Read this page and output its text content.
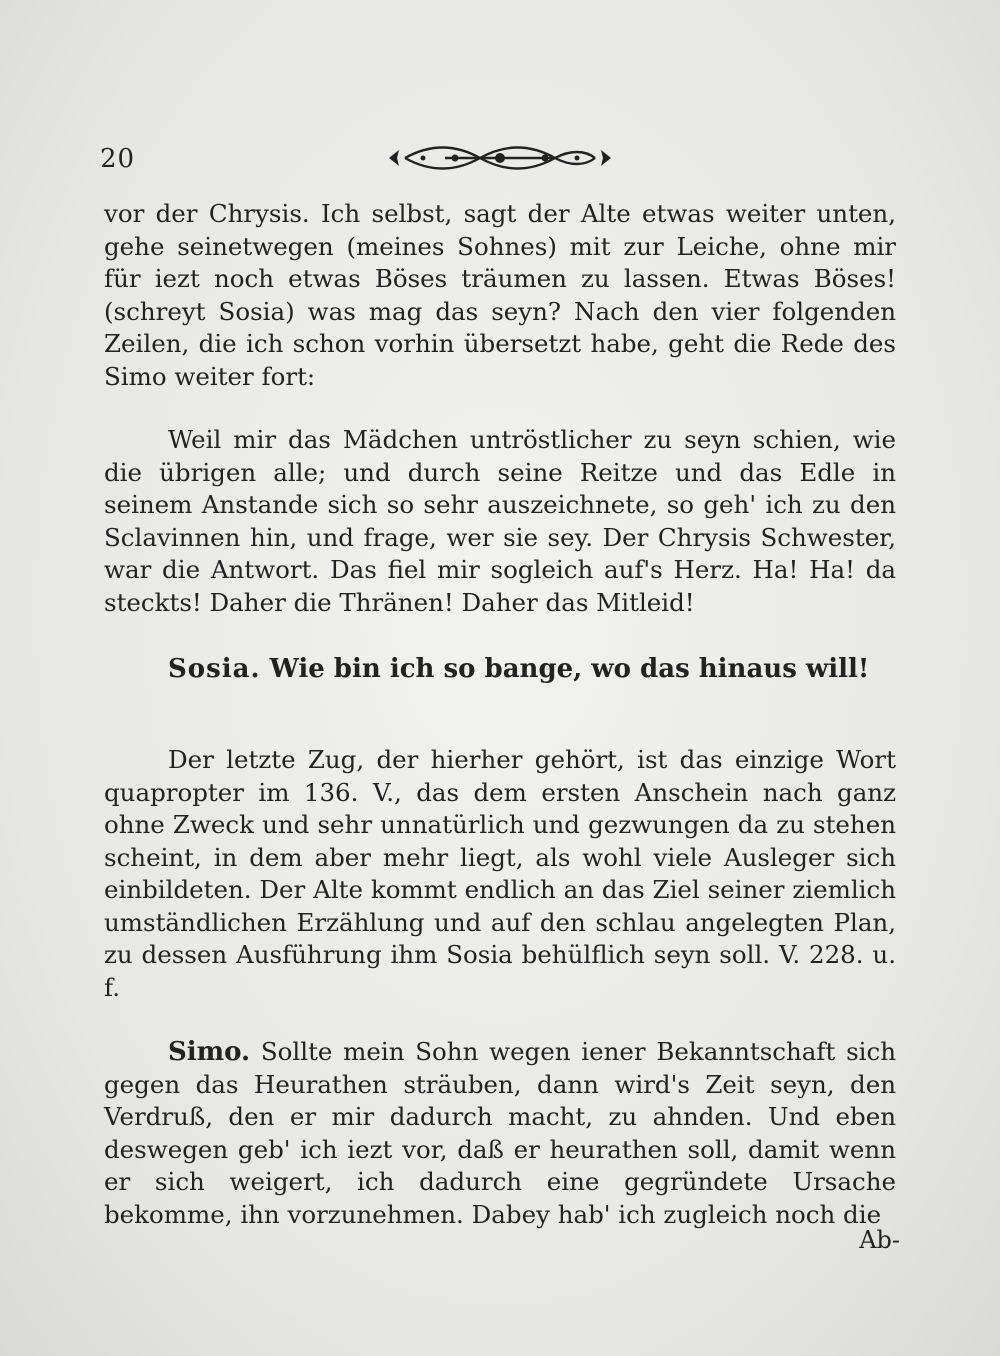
20

vor der Chrysis. Ich selbst, sagt der Alte etwas weiter unten, gehe seinetwegen (meines Sohnes) mit zur Leiche, ohne mir für iezt noch etwas Böses träumen zu lassen. Etwas Böses! (schreyt Sosia) was mag das seyn? Nach den vier folgenden Zeilen, die ich schon vorhin übersetzt habe, geht die Rede des Simo weiter fort:

Weil mir das Mädchen untröstlicher zu seyn schien, wie die übrigen alle; und durch seine Reitze und das Edle in seinem Anstande sich so sehr auszeichnete, so geh' ich zu den Sclavinnen hin, und frage, wer sie sey. Der Chrysis Schwester, war die Antwort. Das fiel mir sogleich auf's Herz. Ha! Ha! da steckts! Daher die Thränen! Daher das Mitleid!

Sosia. Wie bin ich so bange, wo das hinaus will!

Der letzte Zug, der hierher gehört, ist das einzige Wort quapropter im 136. V., das dem ersten Anschein nach ganz ohne Zweck und sehr unnatürlich und gezwungen da zu stehen scheint, in dem aber mehr liegt, als wohl viele Ausleger sich einbildeten. Der Alte kommt endlich an das Ziel seiner ziemlich umständlichen Erzählung und auf den schlau angelegten Plan, zu dessen Ausführung ihm Sosia behülflich seyn soll. V. 228. u. f.

Simo. Sollte mein Sohn wegen iener Bekanntschaft sich gegen das Heurathen sträuben, dann wird's Zeit seyn, den Verdruß, den er mir dadurch macht, zu ahnden. Und eben deswegen geb' ich iezt vor, daß er heurathen soll, damit wenn er sich weigert, ich dadurch eine gegründete Ursache bekomme, ihn vorzunehmen. Dabey hab' ich zugleich noch die

Ab-
